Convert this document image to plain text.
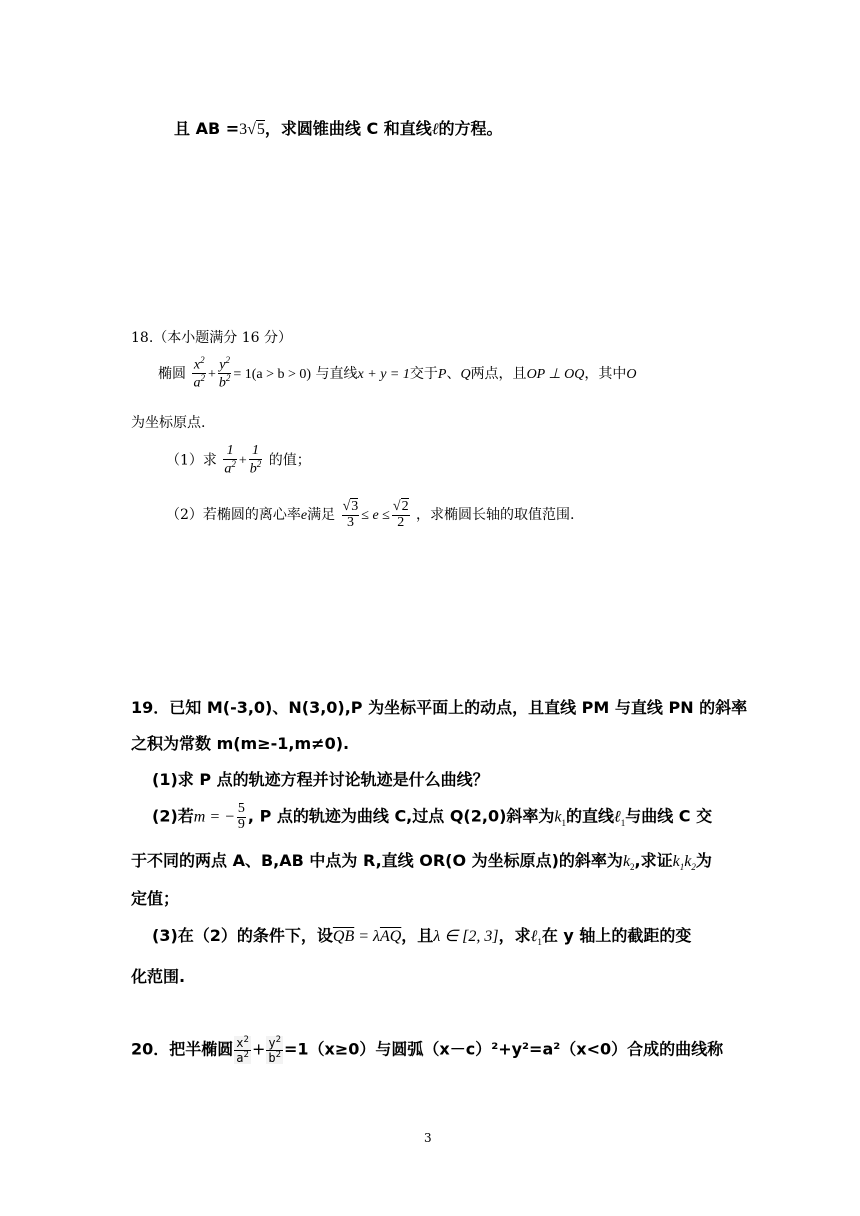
且 AB =3√5，求圆锥曲线 C 和直线ℓ的方程。
18.（本小题满分 16 分）
椭圆 $\frac{x^2}{a^2} + \frac{y^2}{b^2} = 1(a > b > 0)$ 与直线x + y = 1交于P、Q两点，且OP ⊥ OQ，其中O
为坐标原点.
（1）求 $\frac{1}{a^2} + \frac{1}{b^2}$ 的值；
（2）若椭圆的离心率e满足 $\frac{√3}{3} \le e \le \frac{√2}{2}$ ，求椭圆长轴的取值范围.
19．已知 M(-3,0)、N(3,0),P 为坐标平面上的动点，且直线 PM 与直线 PN 的斜率
之积为常数 m(m≥-1,m≠0).
(1)求 P 点的轨迹方程并讨论轨迹是什么曲线？
(2)若m = − $\frac{5}{9}$ , P 点的轨迹为曲线 C,过点 Q(2,0)斜率为$k_1$的直线ℓ$_1$与曲线 C 交
于不同的两点 A、B,AB 中点为 R,直线 OR(O 为坐标原点)的斜率为$k_2$,求证$k_1k_2$为
定值；
(3)在（2）的条件下，设$\overline{QB} = \lambda\overline{AQ}$，且λ ∈ [2, 3]，求ℓ$_1$在 y 轴上的截距的变
化范围.
20．把半椭圆 $\frac{x^2}{a^2} + \frac{y^2}{b^2} =1(x\ge 0)$与圆弧（x－c）²+y²=a²（x<0）合成的曲线称
3
